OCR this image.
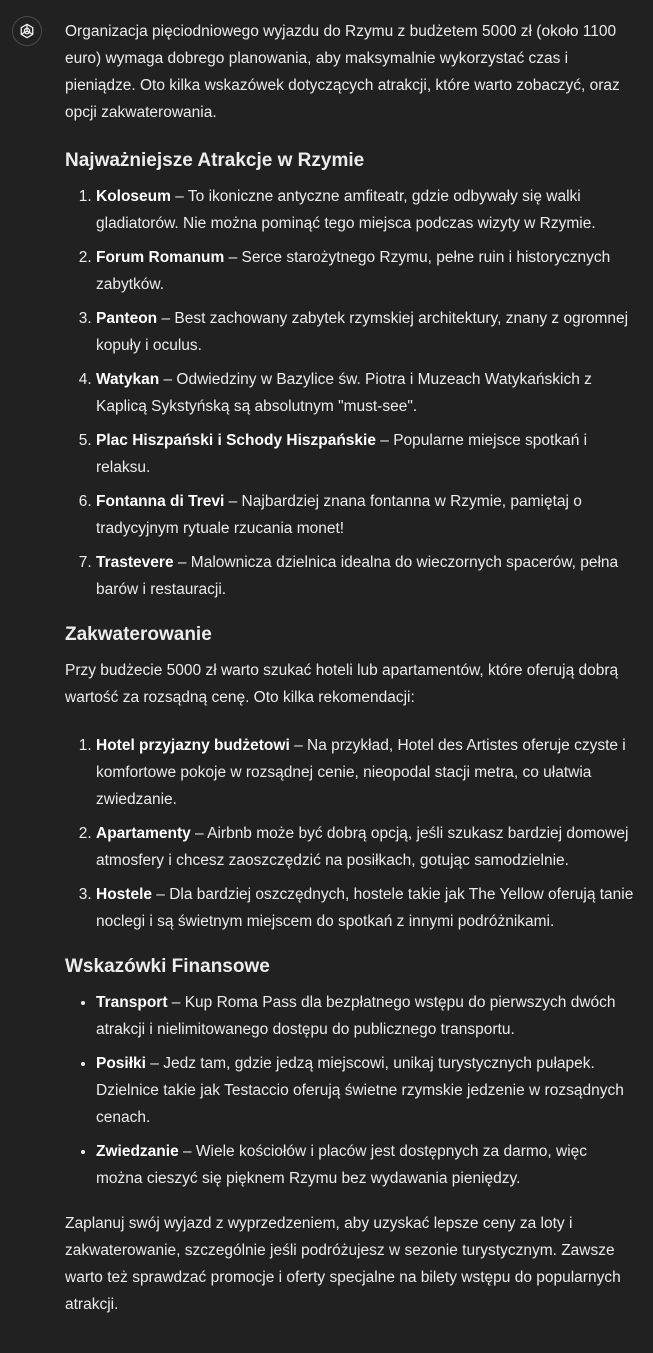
Organizacja pięciodniowego wyjazdu do Rzymu z budżetem 5000 zł (około 1100 euro) wymaga dobrego planowania, aby maksymalnie wykorzystać czas i pieniądze. Oto kilka wskazówek dotyczących atrakcji, które warto zobaczyć, oraz opcji zakwaterowania.

Najważniejsze Atrakcje w Rzymie
1. Koloseum – To ikoniczne antyczne amfiteatr, gdzie odbywały się walki gladiatorów. Nie można pominąć tego miejsca podczas wizyty w Rzymie.
2. Forum Romanum – Serce starożytnego Rzymu, pełne ruin i historycznych zabytków.
3. Panteon – Best zachowany zabytek rzymskiej architektury, znany z ogromnej kopuły i oculus.
4. Watykan – Odwiedziny w Bazylice św. Piotra i Muzeach Watykańskich z Kaplicą Sykstyńską są absolutnym "must-see".
5. Plac Hiszpański i Schody Hiszpańskie – Popularne miejsce spotkań i relaksu.
6. Fontanna di Trevi – Najbardziej znana fontanna w Rzymie, pamiętaj o tradycyjnym rytuale rzucania monet!
7. Trastevere – Malownicza dzielnica idealna do wieczornych spacerów, pełna barów i restauracji.
Zakwaterowanie

Przy budżecie 5000 zł warto szukać hoteli lub apartamentów, które oferują dobrą wartość za rozsądną cenę. Oto kilka rekomendacji:

1. Hotel przyjazny budżetowi – Na przykład, Hotel des Artistes oferuje czyste i komfortowe pokoje w rozsądnej cenie, nieopodal stacji metra, co ułatwia zwiedzanie.
2. Apartamenty – Airbnb może być dobrą opcją, jeśli szukasz bardziej domowej atmosfery i chcesz zaoszczędzić na posiłkach, gotując samodzielnie.
3. Hostele – Dla bardziej oszczędnych, hostele takie jak The Yellow oferują tanie noclegi i są świetnym miejscem do spotkań z innymi podróżnikami.
Wskazówki Finansowe
• Transport – Kup Roma Pass dla bezpłatnego wstępu do pierwszych dwóch atrakcji i nielimitowanego dostępu do publicznego transportu.
• Posiłki – Jedz tam, gdzie jedzą miejscowi, unikaj turystycznych pułapek. Dzielnice takie jak Testaccio oferują świetne rzymskie jedzenie w rozsądnych cenach.
• Zwiedzanie – Wiele kościołów i placów jest dostępnych za darmo, więc można cieszyć się pięknem Rzymu bez wydawania pieniędzy.

Zaplanuj swój wyjazd z wyprzedzeniem, aby uzyskać lepsze ceny za loty i zakwaterowanie, szczególnie jeśli podróżujesz w sezonie turystycznym. Zawsze warto też sprawdzać promocje i oferty specjalne na bilety wstępu do popularnych atrakcji.
